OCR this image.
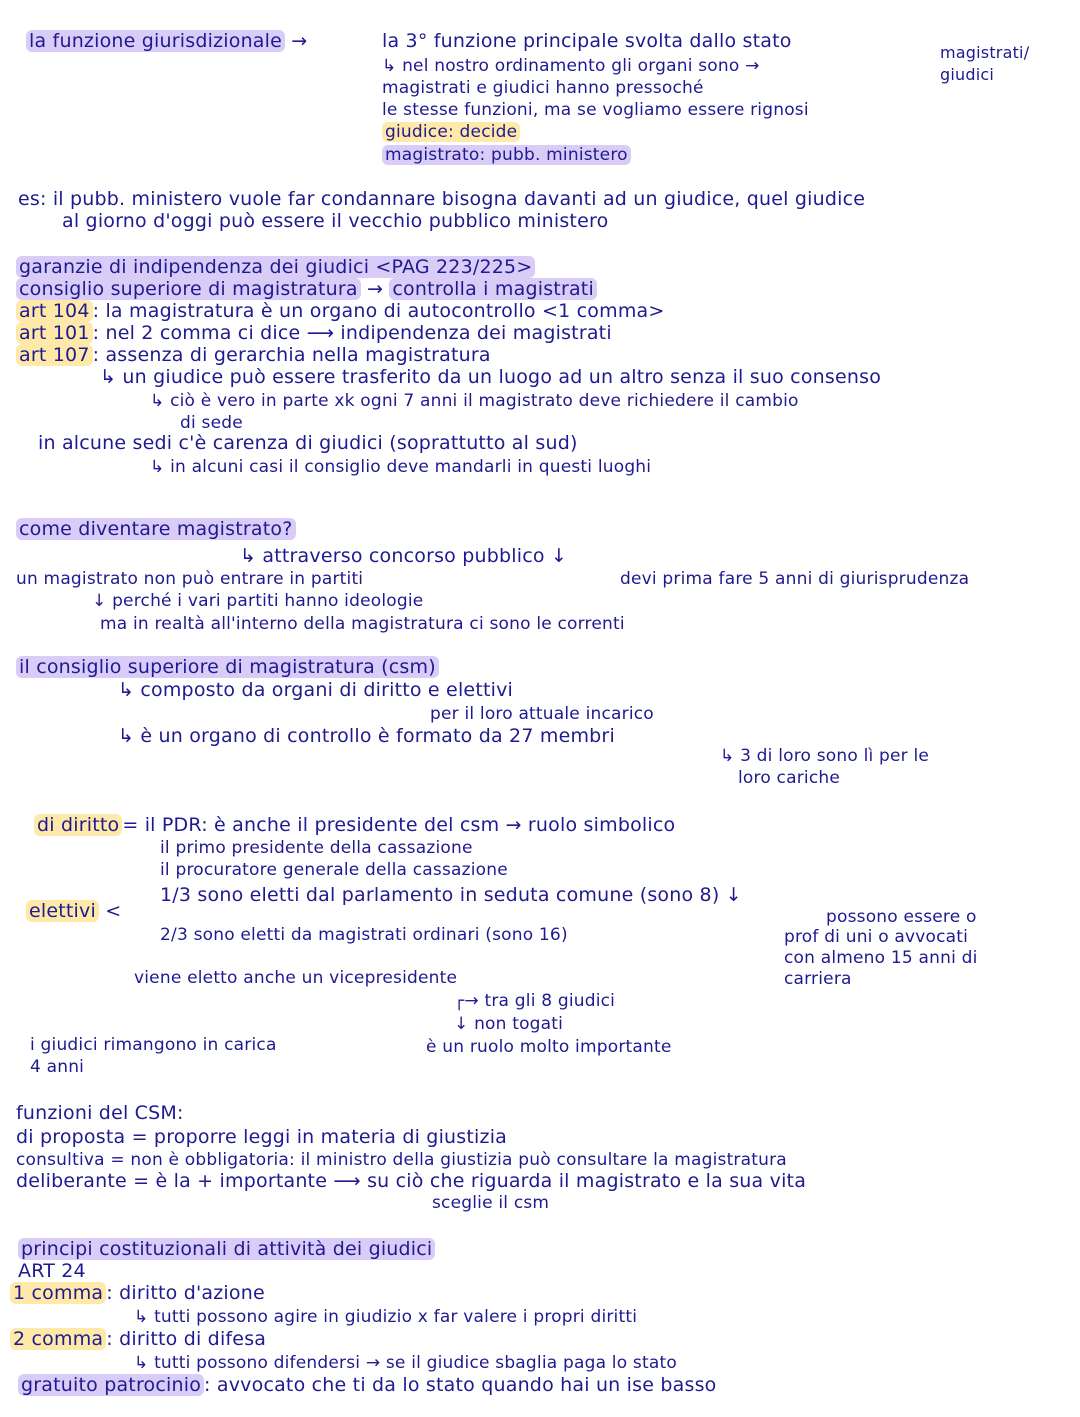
la funzione giurisdizionale →	la 3° funzione principale svolta dallo stato
↳ nel nostro ordinamento gli organi sono →
magistrati/
giudici
magistrati e giudici hanno pressoché
le stesse funzioni, ma se vogliamo essere rignosi
giudice: decide
magistrato: pubb. ministero
es: il pubb. ministero vuole far condannare bisogna davanti ad un giudice, quel giudice
al giorno d'oggi può essere il vecchio pubblico ministero
garanzie di indipendenza dei giudici <PAG 223/225>
consiglio superiore di magistratura → controlla i magistrati
art 104 : la magistratura è un organo di autocontrollo <1 comma>
art 101 : nel 2 comma ci dice ⟶ indipendenza dei magistrati
art 107 : assenza di gerarchia nella magistratura
↳ un giudice può essere trasferito da un luogo ad un altro senza il suo consenso
↳ ciò è vero in parte xk ogni 7 anni il magistrato deve richiedere il cambio
di sede
in alcune sedi c'è carenza di giudici (soprattutto al sud)
↳ in alcuni casi il consiglio deve mandarli in questi luoghi
come diventare magistrato?
↳ attraverso concorso pubblico ↓
un magistrato non può entrare in partiti	devi prima fare 5 anni di giurisprudenza
↓ perché i vari partiti hanno ideologie
ma in realtà all'interno della magistratura ci sono le correnti
il consiglio superiore di magistratura (csm)
↳ composto da organi di diritto e elettivi
per il loro attuale incarico
↳ è un organo di controllo è formato da 27 membri
↳ 3 di loro sono lì per le
loro cariche
di diritto = il PDR: è anche il presidente del csm → ruolo simbolico
il primo presidente della cassazione
il procuratore generale della cassazione
elettivi <
1/3 sono eletti dal parlamento in seduta comune (sono 8) ↓
2/3 sono eletti da magistrati ordinari (sono 16)
possono essere o
prof di uni o avvocati
con almeno 15 anni di
carriera
viene eletto anche un vicepresidente
┌→ tra gli 8 giudici
↓ non togati
è un ruolo molto importante
i giudici rimangono in carica
4 anni
funzioni del CSM:
di proposta = proporre leggi in materia di giustizia
consultiva = non è obbligatoria: il ministro della giustizia può consultare la magistratura
deliberante = è la + importante ⟶ su ciò che riguarda il magistrato e la sua vita
sceglie il csm
principi costituzionali di attività dei giudici
ART 24
1 comma : diritto d'azione
↳ tutti possono agire in giudizio x far valere i propri diritti
2 comma : diritto di difesa
↳ tutti possono difendersi → se il giudice sbaglia paga lo stato
gratuito patrocinio : avvocato che ti da lo stato quando hai un ise basso
